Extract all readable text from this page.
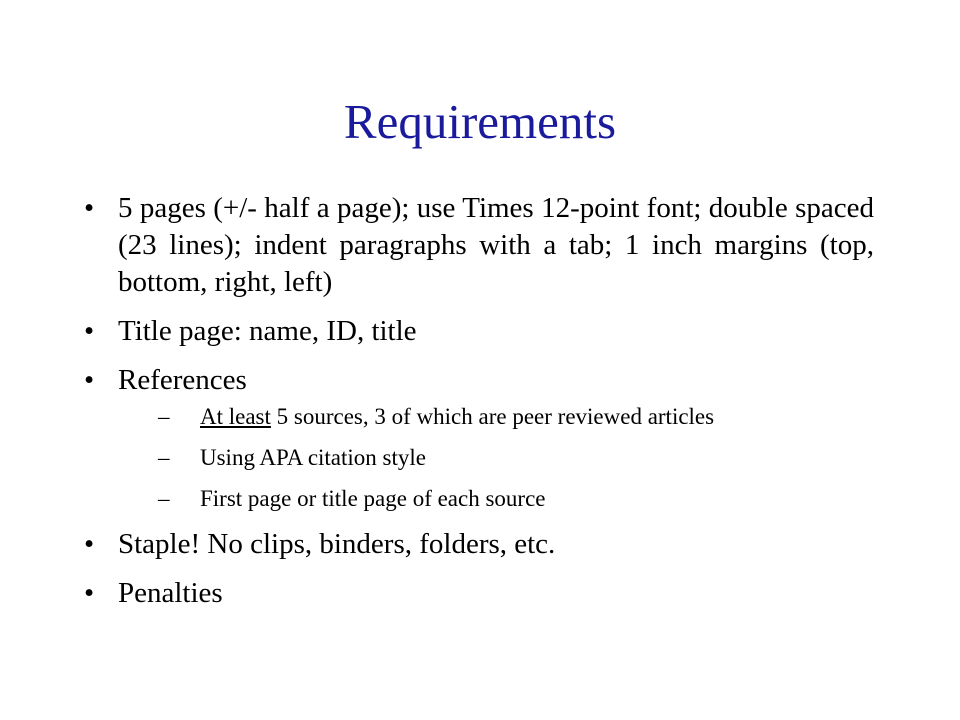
Requirements
• 5 pages (+/- half a page); use Times 12-point font; double spaced (23 lines); indent paragraphs with a tab; 1 inch margins (top, bottom, right, left)
• Title page: name, ID, title
• References
– At least 5 sources, 3 of which are peer reviewed articles
– Using APA citation style
– First page or title page of each source
• Staple! No clips, binders, folders, etc.
• Penalties
